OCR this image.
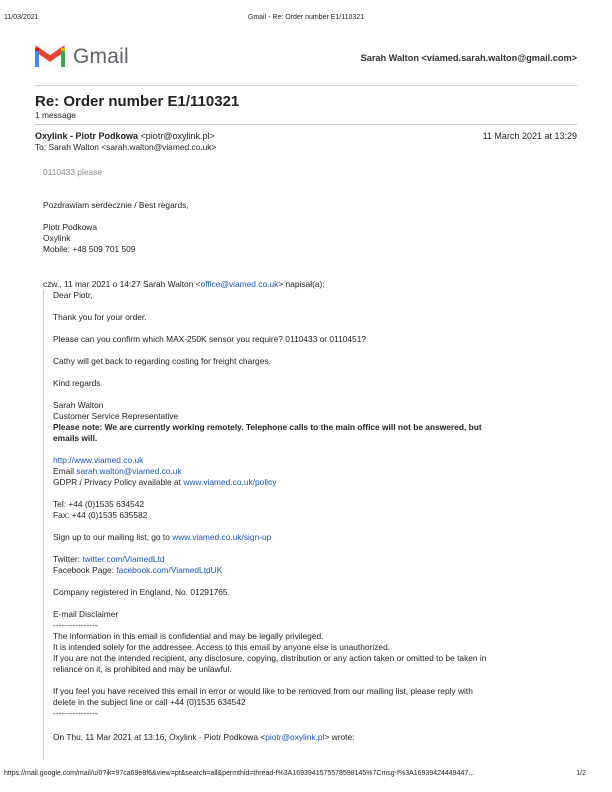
11/03/2021	Gmail - Re: Order number E1/110321
Gmail	Sarah Walton <viamed.sarah.walton@gmail.com>
Re: Order number E1/110321
1 message
Oxylink - Piotr Podkowa <piotr@oxylink.pl>	11 March 2021 at 13:29
To: Sarah Walton <sarah.walton@viamed.co.uk>
0110433 please
Pozdrawiam serdecznie / Best regards,
Piotr Podkowa
Oxylink
Mobile: +48 509 701 509
czw., 11 mar 2021 o 14:27 Sarah Walton <office@viamed.co.uk> napisał(a):
Dear Piotr,
Thank you for your order.
Please can you confirm which MAX-250K sensor you require? 0110433 or 0110451?
Cathy will get back to regarding costing for freight charges.
Kind regards
Sarah Walton
Customer Service Representative
Please note: We are currently working remotely. Telephone calls to the main office will not be answered, but
emails will.
http://www.viamed.co.uk
Email sarah.walton@viamed.co.uk
GDPR / Privacy Policy available at www.viamed.co.uk/policy
Tel: +44 (0)1535 634542
Fax: +44 (0)1535 635582
Sign up to our mailing list, go to www.viamed.co.uk/sign-up
Twitter: twitter.com/ViamedLtd
Facebook Page: facebook.com/ViamedLtdUK
Company registered in England, No. 01291765.
E-mail Disclaimer
----------------
The information in this email is confidential and may be legally privileged.
It is intended solely for the addressee. Access to this email by anyone else is unauthorized.
If you are not the intended recipient, any disclosure, copying, distribution or any action taken or omitted to be taken in
reliance on it, is prohibited and may be unlawful.
If you feel you have received this email in error or would like to be removed from our mailing list, please reply with
delete in the subject line or call +44 (0)1535 634542
----------------
On Thu, 11 Mar 2021 at 13:16, Oxylink - Piotr Podkowa <piotr@oxylink.pl> wrote:
https://mail.google.com/mail/u/0?ik=97ca69e8f6&view=pt&search=all&permthid=thread-f%3A1693941575578598145%7Cmsg-f%3A16939424449447...	1/2
